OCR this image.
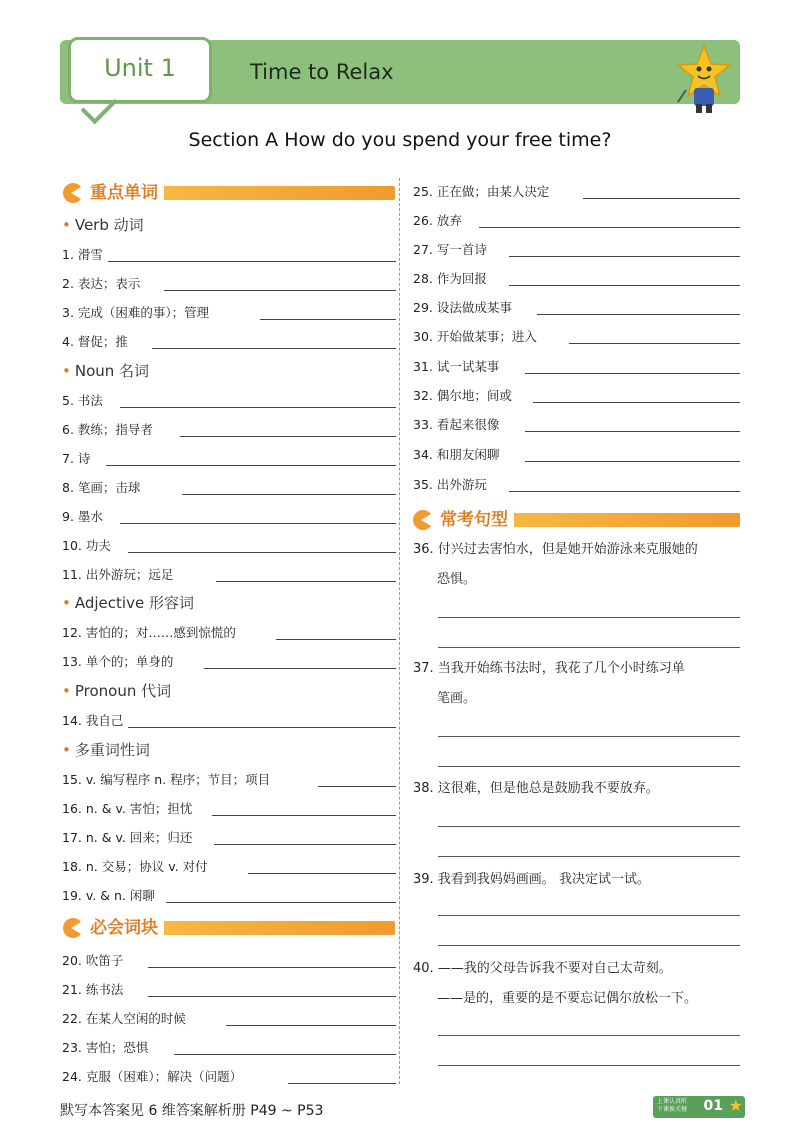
Unit 1	Time to Relax
Section A How do you spend your free time?
重点单词
• Verb 动词
• Noun 名词
• Adjective 形容词
• Pronoun 代词
• 多重词性词
1. 滑雪
2. 表达；表示
3. 完成（困难的事）；管理
4. 督促；推
5. 书法
6. 教练；指导者
7. 诗
8. 笔画；击球
9. 墨水
10. 功夫
11. 出外游玩；远足
12. 害怕的；对……感到惊慌的
13. 单个的；单身的
14. 我自己
15. v. 编写程序 n. 程序；节目；项目
16. n. & v. 害怕；担忧
17. n. & v. 回来；归还
18. n. 交易；协议 v. 对付
19. v. & n. 闲聊
必会词块
20. 吹笛子
21. 练书法
22. 在某人空闲的时候
23. 害怕；恐惧
24. 克服（困难）；解决（问题）
25. 正在做；由某人决定
26. 放弃
27. 写一首诗
28. 作为回报
29. 设法做成某事
30. 开始做某事；进入
31. 试一试某事
32. 偶尔地；间或
33. 看起来很像
34. 和朋友闲聊
35. 出外游玩
常考句型
36. 付兴过去害怕水，但是她开始游泳来克服她的
恐惧。
37. 当我开始练书法时，我花了几个小时练习单
笔画。
38. 这很难，但是他总是鼓励我不要放弃。
39. 我看到我妈妈画画。 我决定试一试。
40. ——我的父母告诉我不要对自己太苛刻。
——是的，重要的是不要忘记偶尔放松一下。
默写本答案见 6 维答案解析册 P49 ~ P53
上课认真听
下课换关键 01 ★
